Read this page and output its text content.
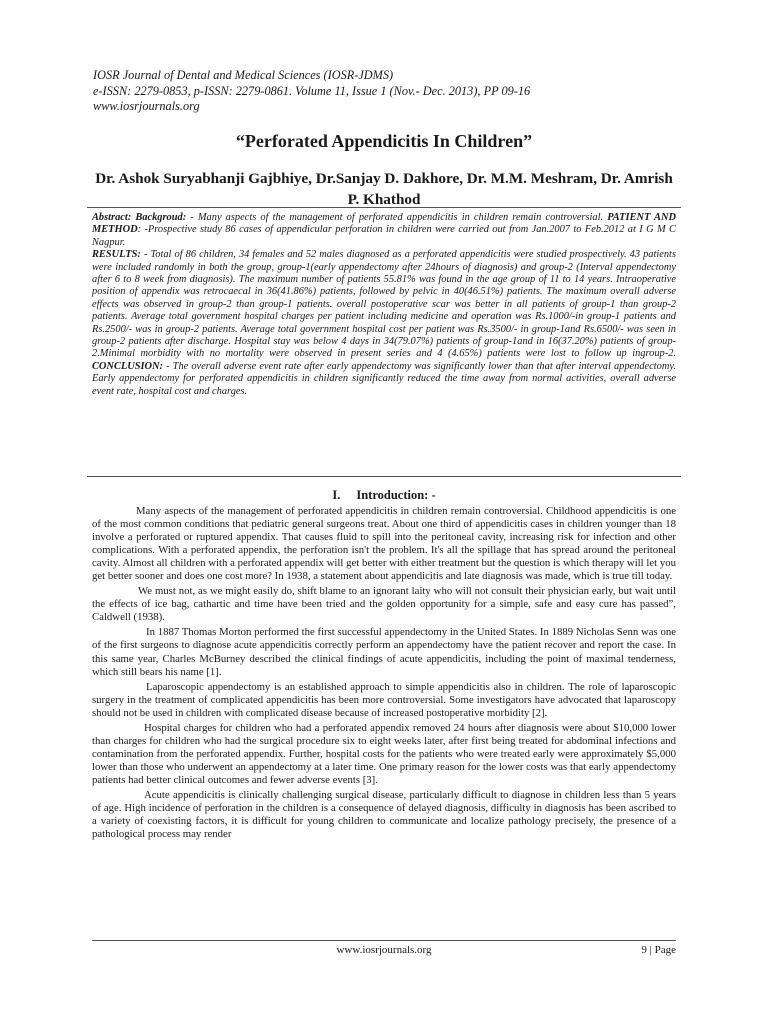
IOSR Journal of Dental and Medical Sciences (IOSR-JDMS)
e-ISSN: 2279-0853, p-ISSN: 2279-0861. Volume 11, Issue 1 (Nov.- Dec. 2013), PP 09-16
www.iosrjournals.org
“Perforated Appendicitis In Children”
Dr. Ashok Suryabhanji Gajbhiye, Dr.Sanjay D. Dakhore, Dr. M.M. Meshram, Dr. Amrish P. Khathod

Abstract: Backgroud: - Many aspects of the management of perforated appendicitis in children remain controversial. PATIENT AND METHOD: -Prospective study 86 cases of appendicular perforation in children were carried out from Jan.2007 to Feb.2012 at I G M C Nagpur.

RESULTS: - Total of 86 children, 34 females and 52 males diagnosed as a perforated appendicitis were studied prospectively. 43 patients were included randomly in both the group, group-1(early appendectomy after 24hours of diagnosis) and group-2 (Interval appendectomy after 6 to 8 week from diagnosis). The maximum number of patients 55.81% was found in the age group of 11 to 14 years. Intraoperative position of appendix was retrocaecal in 36(41.86%) patients, followed by pelvic in 40(46.51%) patients. The maximum overall adverse effects was observed in group-2 than group-1 patients. overall postoperative scar was better in all patients of group-1 than group-2 patients. Average total government hospital charges per patient including medicine and operation was Rs.1000/-in group-1 patients and Rs.2500/- was in group-2 patients. Average total government hospital cost per patient was Rs.3500/- in group-1and Rs.6500/- was seen in group-2 patients after discharge. Hospital stay was below 4 days in 34(79.07%) patients of group-1and in 16(37.20%) patients of group-2.Minimal morbidity with no mortality were observed in present series and 4 (4.65%) patients were lost to follow up ingroup-2. CONCLUSION: - The overall adverse event rate after early appendectomy was significantly lower than that after interval appendectomy. Early appendectomy for perforated appendicitis in children significantly reduced the time away from normal activities, overall adverse event rate, hospital cost and charges.

I. Introduction: -

Many aspects of the management of perforated appendicitis in children remain controversial. Childhood appendicitis is one of the most common conditions that pediatric general surgeons treat. About one third of appendicitis cases in children younger than 18 involve a perforated or ruptured appendix. That causes fluid to spill into the peritoneal cavity, increasing risk for infection and other complications. With a perforated appendix, the perforation isn't the problem. It's all the spillage that has spread around the peritoneal cavity. Almost all children with a perforated appendix will get better with either treatment but the question is which therapy will let you get better sooner and does one cost more? In 1938, a statement about appendicitis and late diagnosis was made, which is true till today.

We must not, as we might easily do, shift blame to an ignorant laity who will not consult their physician early, but wait until the effects of ice bag, cathartic and time have been tried and the golden opportunity for a simple, safe and easy cure has passed”, Caldwell (1938).

In 1887 Thomas Morton performed the first successful appendectomy in the United States. In 1889 Nicholas Senn was one of the first surgeons to diagnose acute appendicitis correctly perform an appendectomy have the patient recover and report the case. In this same year, Charles McBurney described the clinical findings of acute appendicitis, including the point of maximal tenderness, which still bears his name [1].

Laparoscopic appendectomy is an established approach to simple appendicitis also in children. The role of laparoscopic surgery in the treatment of complicated appendicitis has been more controversial. Some investigators have advocated that laparoscopy should not be used in children with complicated disease because of increased postoperative morbidity [2].

Hospital charges for children who had a perforated appendix removed 24 hours after diagnosis were about $10,000 lower than charges for children who had the surgical procedure six to eight weeks later, after first being treated for abdominal infections and contamination from the perforated appendix. Further, hospital costs for the patients who were treated early were approximately $5,000 lower than those who underwent an appendectomy at a later time. One primary reason for the lower costs was that early appendectomy patients had better clinical outcomes and fewer adverse events [3].

Acute appendicitis is clinically challenging surgical disease, particularly difficult to diagnose in children less than 5 years of age. High incidence of perforation in the children is a consequence of delayed diagnosis, difficulty in diagnosis has been ascribed to a variety of coexisting factors, it is difficult for young children to communicate and localize pathology precisely, the presence of a pathological process may render

www.iosrjournals.org	9 | Page
